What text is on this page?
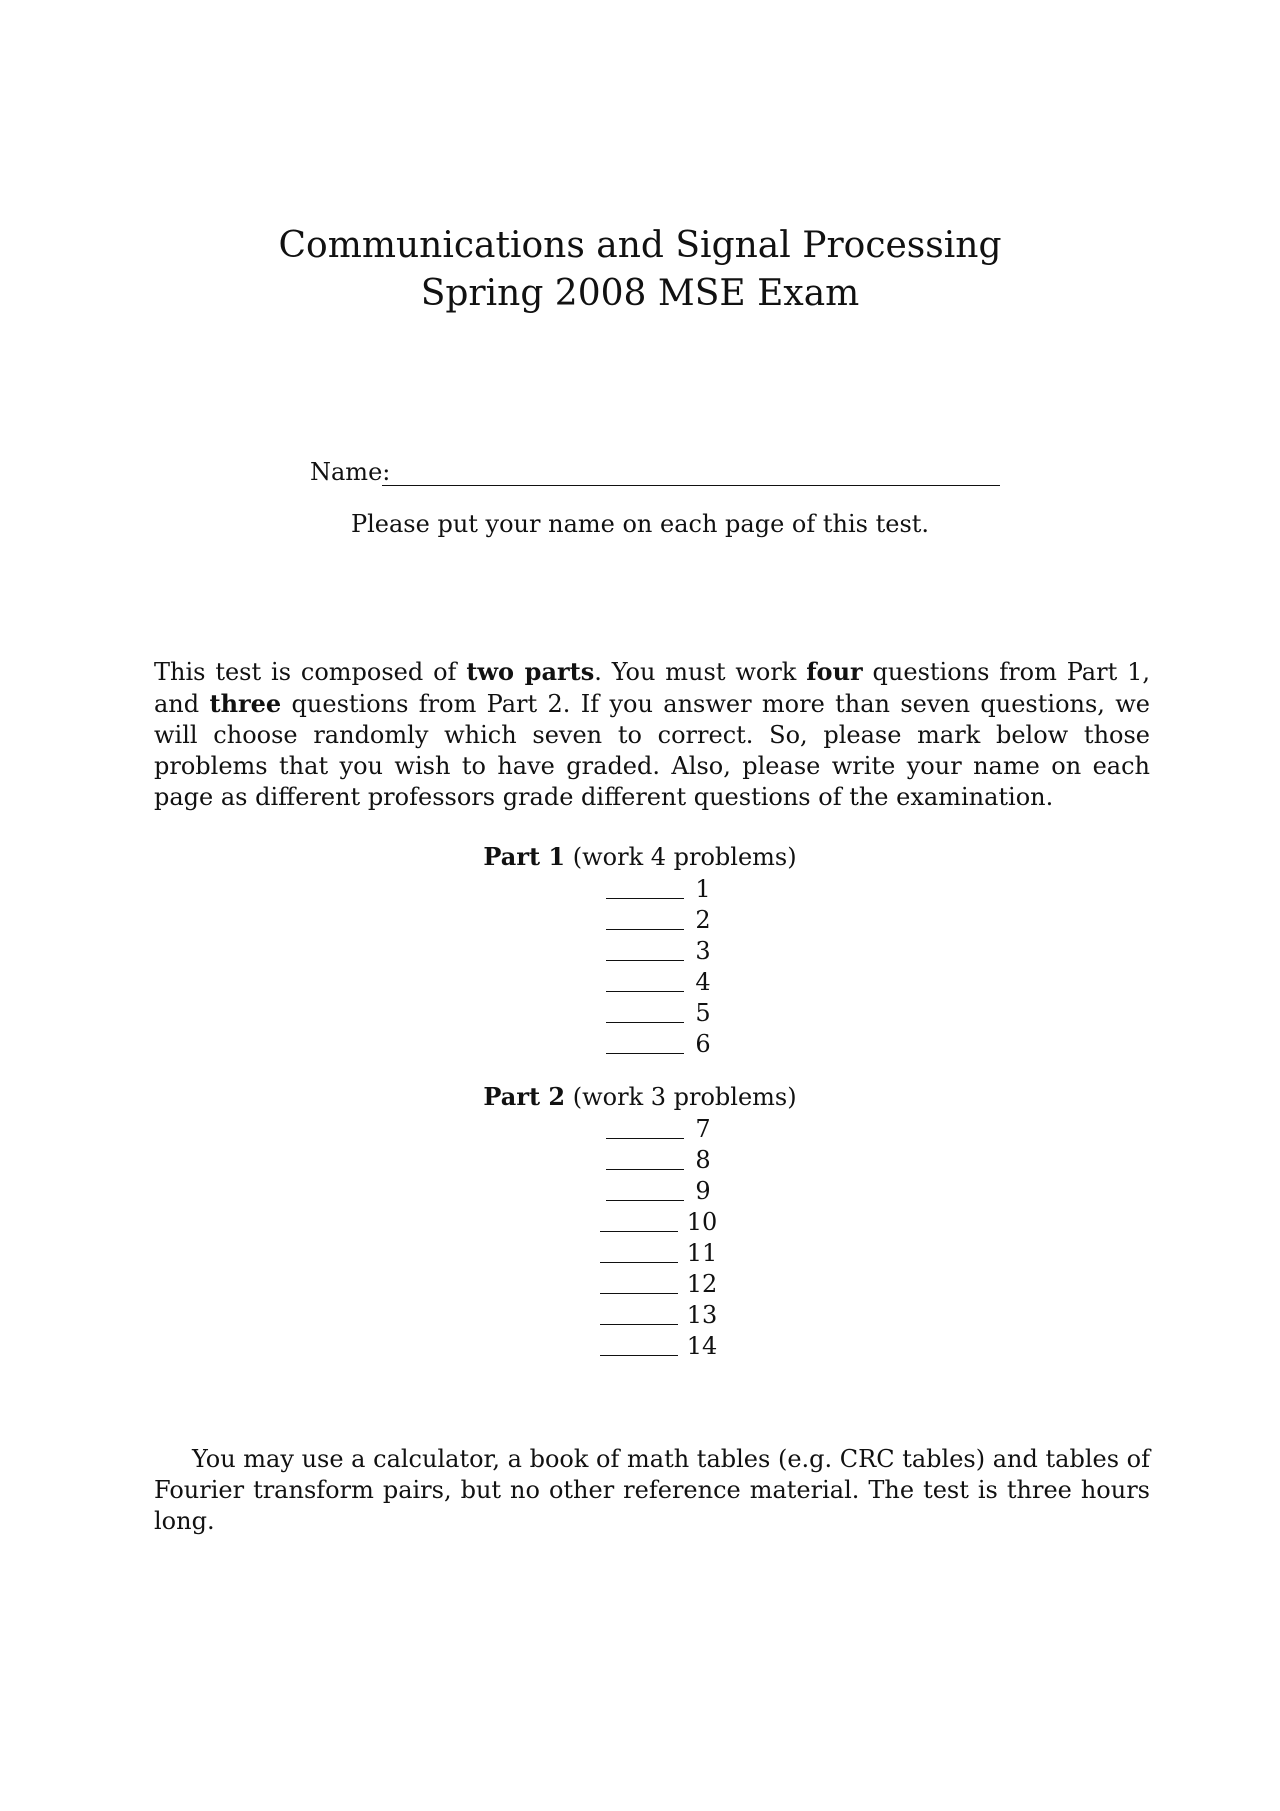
Communications and Signal Processing
Spring 2008 MSE Exam
Name:
Please put your name on each page of this test.

This test is composed of two parts. You must work four questions from Part 1, and three questions from Part 2. If you answer more than seven questions, we will choose randomly which seven to correct. So, please mark below those problems that you wish to have graded. Also, please write your name on each page as different professors grade different questions of the examination.

Part 1 (work 4 problems)
1
2
3
4
5
6
Part 2 (work 3 problems)
7
8
9
10
11
12
13
14

You may use a calculator, a book of math tables (e.g. CRC tables) and tables of Fourier transform pairs, but no other reference material. The test is three hours long.
